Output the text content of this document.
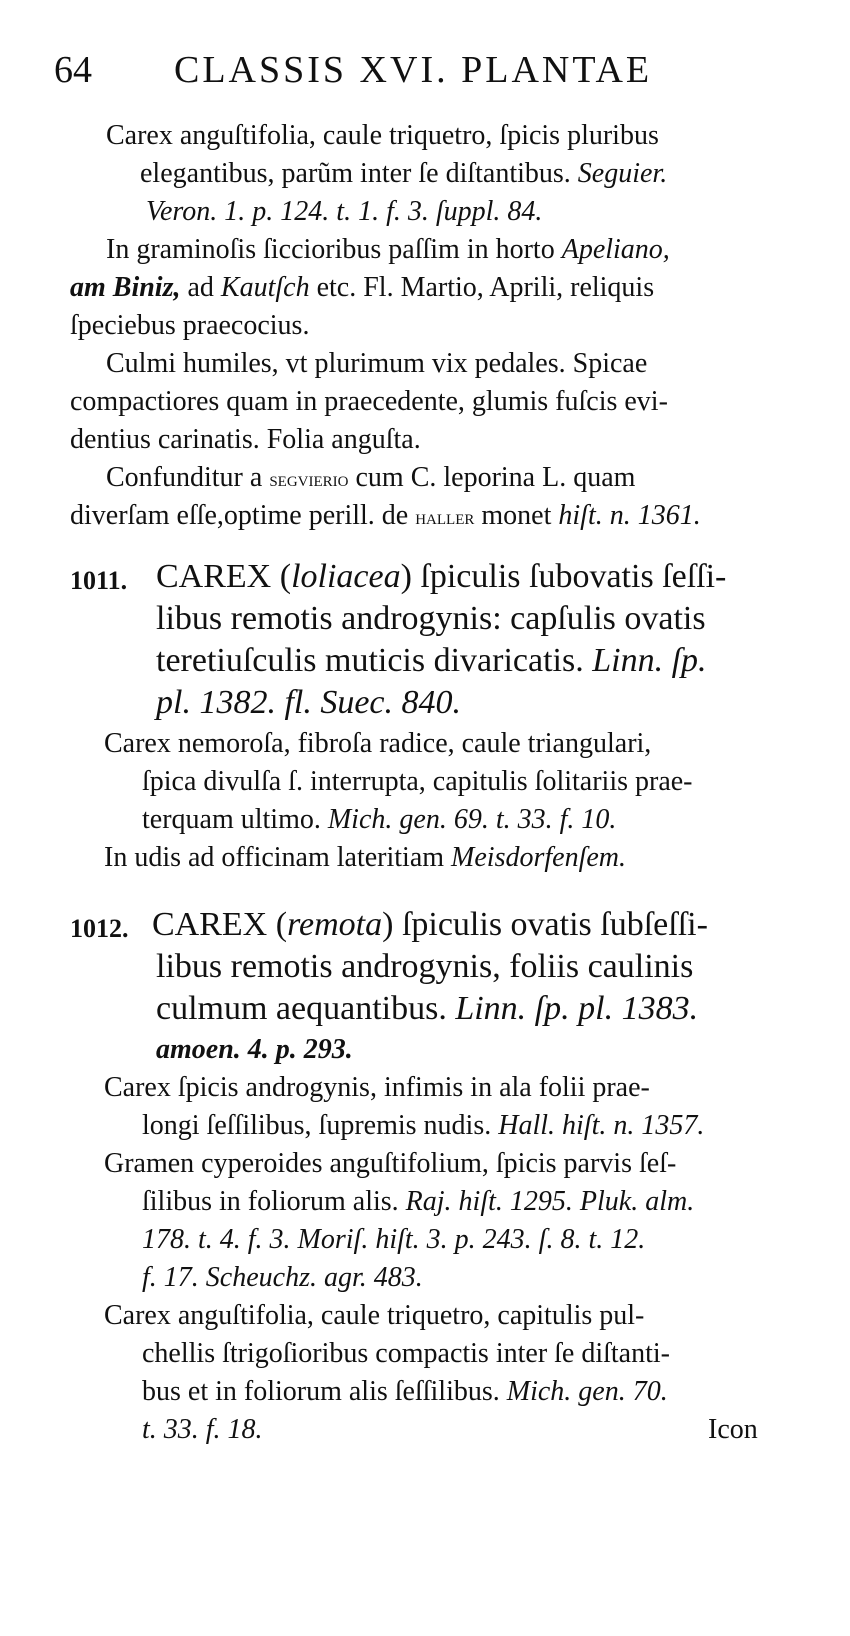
64 CLASSIS XVI. PLANTAE
Carex anguſtifolia, caule triquetro, ſpicis pluribus
elegantibus, parũm inter ſe diſtantibus. Seguier.
Veron. 1. p. 124. t. 1. f. 3. ſuppl. 84.
In graminoſis ſiccioribus paſſim in horto Apeliano,
am Biniz, ad Kautſch etc. Fl. Martio, Aprili, reliquis
ſpeciebus praecocius.
Culmi humiles, vt plurimum vix pedales. Spicae
compactiores quam in praecedente, glumis fuſcis evi-
dentius carinatis. Folia anguſta.
Confunditur a segvierio cum C. leporina L. quam
diverſam eſſe,optime perill. de haller monet hiſt. n. 1361.
1011. CAREX (loliacea) ſpiculis ſubovatis ſeſſi-
libus remotis androgynis: capſulis ovatis
teretiuſculis muticis divaricatis. Linn. ſp.
pl. 1382. fl. Suec. 840.
Carex nemoroſa, fibroſa radice, caule triangulari,
ſpica divulſa ſ. interrupta, capitulis ſolitariis prae-
terquam ultimo. Mich. gen. 69. t. 33. f. 10.
In udis ad officinam lateritiam Meisdorfenſem.
1012. CAREX (remota) ſpiculis ovatis ſubſeſſi-
libus remotis androgynis, foliis caulinis
culmum aequantibus. Linn. ſp. pl. 1383.
amoen. 4. p. 293.
Carex ſpicis androgynis, infimis in ala folii prae-
longi ſeſſilibus, ſupremis nudis. Hall. hiſt. n. 1357.
Gramen cyperoides anguſtifolium, ſpicis parvis ſeſ-
ſilibus in foliorum alis. Raj. hiſt. 1295. Pluk. alm.
178. t. 4. f. 3. Moriſ. hiſt. 3. p. 243. ſ. 8. t. 12.
f. 17. Scheuchz. agr. 483.
Carex anguſtifolia, caule triquetro, capitulis pul-
chellis ſtrigoſioribus compactis inter ſe diſtanti-
bus et in foliorum alis ſeſſilibus. Mich. gen. 70.
t. 33. f. 18.	Icon
